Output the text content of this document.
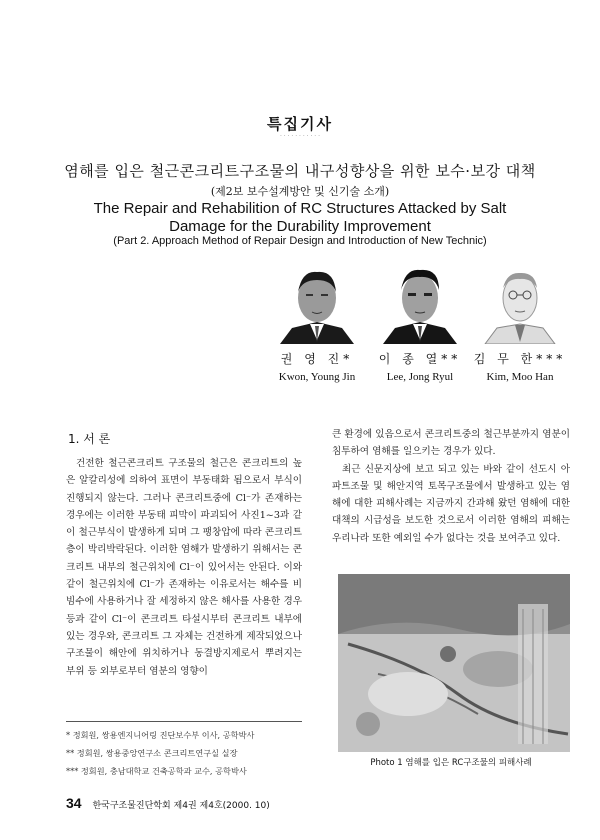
특집기사
· · · · · · · · · · ·
염해를 입은 철근콘크리트구조물의 내구성향상을 위한 보수·보강 대책
(제2보 보수설계방안 및 신기술 소개)
The Repair and Rehabilition of RC Structures Attacked by Salt
Damage for the Durability Improvement
(Part 2. Approach Method of Repair Design and Introduction of New Technic)
권 영 진*
Kwon, Young Jin
이 종 열**
Lee, Jong Ryul
김 무 한***
Kim, Moo Han
1. 서 론

건전한 철근콘크리트 구조물의 철근은 콘크리트의 높은 알칼리성에 의하여 표면이 부동태화 됨으로서 부식이 진행되지 않는다. 그러나 콘크리트중에 Cl⁻가 존재하는 경우에는 이러한 부동태 피막이 파괴되어 사진1~3과 같이 철근부식이 발생하게 되며 그 팽창압에 따라 콘크리트층이 박리박락된다. 이러한 염해가 발생하기 위해서는 콘크리트 내부의 철근위치에 Cl⁻이 있어서는 안된다. 이와같이 철근위치에 Cl⁻가 존재하는 이유로서는 해수를 비빔수에 사용하거나 잘 세정하지 않은 해사를 사용한 경우 등과 같이 Cl⁻이 콘크리트 타설시부터 콘크리트 내부에 있는 경우와, 콘크리트 그 자체는 건전하게 제작되었으나 구조물이 해안에 위치하거나 동결방지제로서 뿌려지는 부위 등 외부로부터 염분의 영향이

큰 환경에 있음으로서 콘크리트중의 철근부분까지 염분이 침투하여 염해를 일으키는 경우가 있다.

최근 신문지상에 보고 되고 있는 바와 같이 선도시 아파트조물 및 해안지역 토목구조물에서 발생하고 있는 염해에 대한 피해사례는 지금까지 간과해 왔던 염해에 대한 대책의 시급성을 보도한 것으로서 이러한 염해의 피해는 우리나라 또한 예외일 수가 없다는 것을 보여주고 있다.

* 정회원, 쌍용엔지니어링 진단보수부 이사, 공학박사
** 정회원, 쌍용중앙연구소 콘크리트연구실 실장
*** 정회원, 충남대학교 건축공학과 교수, 공학박사
Photo 1 염해를 입은 RC구조물의 피해사례
34 한국구조물진단학회 제4권 제4호(2000. 10)
